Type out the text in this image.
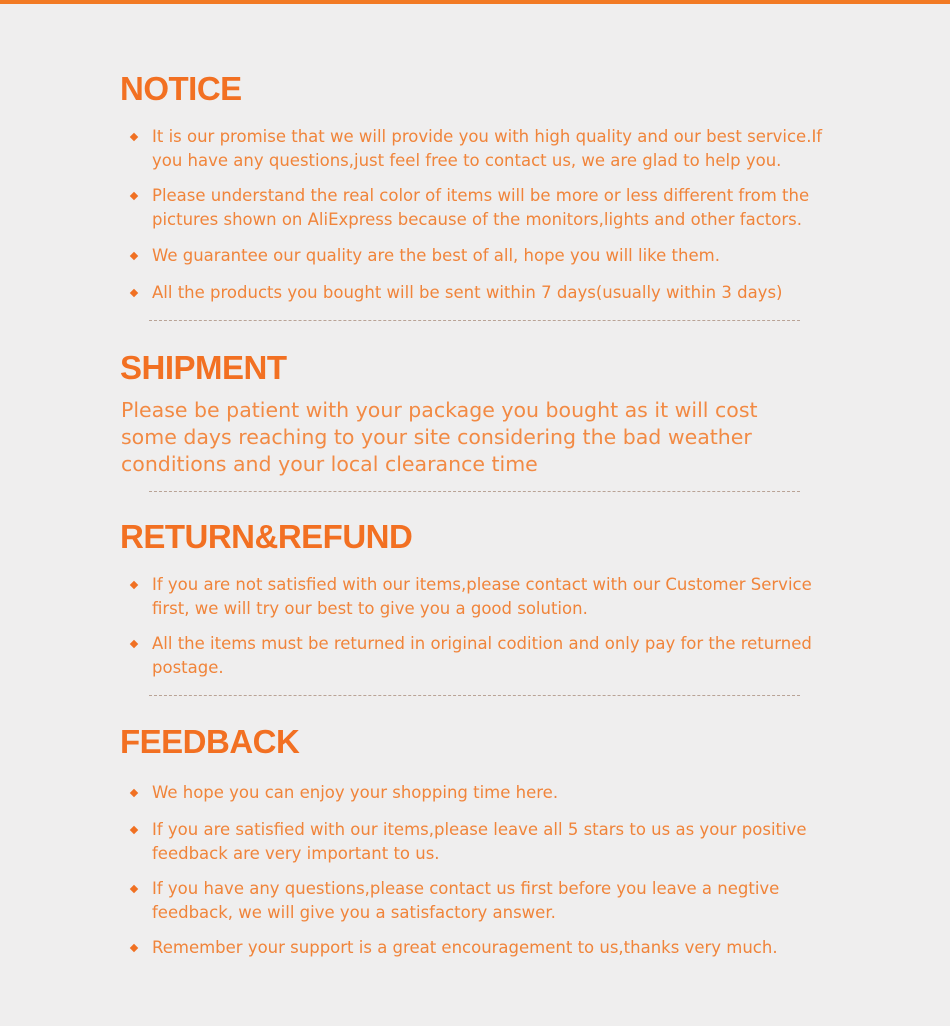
NOTICE
It is our promise that we will provide you with high quality and our best service.If you have any questions,just feel free to contact us, we are glad to help you.
Please understand the real color of items will be more or less different from the pictures shown on AliExpress because of the monitors,lights and other factors.
We guarantee our quality are the best of all, hope you will like them.
All the products you bought will be sent within 7 days(usually within 3 days)
SHIPMENT

Please be patient with your package you bought as it will cost some days reaching to your site considering the bad weather conditions and your local clearance time

RETURN&REFUND
If you are not satisfied with our items,please contact with our Customer Service first, we will try our best to give you a good solution.
All the items must be returned in original codition and only pay for the returned postage.
FEEDBACK
We hope you can enjoy your shopping time here.
If you are satisfied with our items,please leave all 5 stars to us as your positive feedback are very important to us.
If you have any questions,please contact us first before you leave a negtive feedback, we will give you a satisfactory answer.
Remember your support is a great encouragement to us,thanks very much.
